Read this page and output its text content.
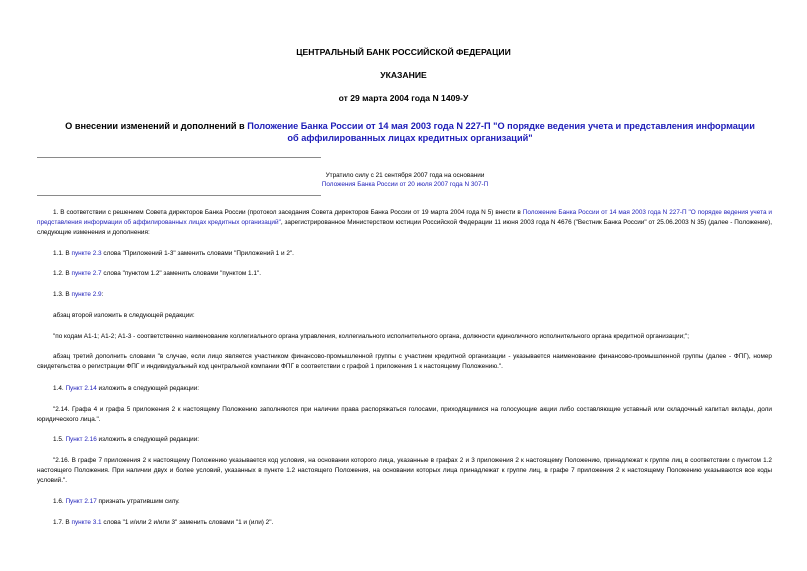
ЦЕНТРАЛЬНЫЙ БАНК РОССИЙСКОЙ ФЕДЕРАЦИИ
УКАЗАНИЕ
от 29 марта 2004 года N 1409-У
О внесении изменений и дополнений в Положение Банка России от 14 мая 2003 года N 227-П "О порядке ведения учета и представления информации об аффилированных лицах кредитных организаций"
Утратило силу с 21 сентября 2007 года на основании
Положения Банка России от 20 июля 2007 года N 307-П
1. В соответствии с решением Совета директоров Банка России (протокол заседания Совета директоров Банка России от 19 марта 2004 года N 5) внести в Положение Банка России от 14 мая 2003 года N 227-П "О порядке ведения учета и представления информации об аффилированных лицах кредитных организаций", зарегистрированное Министерством юстиции Российской Федерации 11 июня 2003 года N 4676 ("Вестник Банка России" от 25.06.2003 N 35) (далее - Положение), следующие изменения и дополнения:
1.1. В пункте 2.3 слова "Приложений 1-3" заменить словами "Приложений 1 и 2".
1.2. В пункте 2.7 слова "пунктом 1.2" заменить словами "пунктом 1.1".
1.3. В пункте 2.9:
абзац второй изложить в следующей редакции:
"по кодам А1-1; А1-2; А1-3 - соответственно наименование коллегиального органа управления, коллегиального исполнительного органа, должности единоличного исполнительного органа кредитной организации;";
абзац третий дополнить словами "в случае, если лицо является участником финансово-промышленной группы с участием кредитной организации - указывается наименование финансово-промышленной группы (далее - ФПГ), номер свидетельства о регистрации ФПГ и индивидуальный код центральной компании ФПГ в соответствии с графой 1 приложения 1 к настоящему Положению.".
1.4. Пункт 2.14 изложить в следующей редакции:
"2.14. Графа 4 и графа 5 приложения 2 к настоящему Положению заполняются при наличии права распоряжаться голосами, приходящимися на голосующие акции либо составляющие уставный или складочный капитал вклады, доли юридического лица.".
1.5. Пункт 2.16 изложить в следующей редакции:
"2.16. В графе 7 приложения 2 к настоящему Положению указывается код условия, на основании которого лица, указанные в графах 2 и 3 приложения 2 к настоящему Положению, принадлежат к группе лиц в соответствии с пунктом 1.2 настоящего Положения. При наличии двух и более условий, указанных в пункте 1.2 настоящего Положения, на основании которых лица принадлежат к группе лиц, в графе 7 приложения 2 к настоящему Положению указываются все коды условий.".
1.6. Пункт 2.17 признать утратившим силу.
1.7. В пункте 3.1 слова "1 и/или 2 и/или 3" заменить словами "1 и (или) 2".
